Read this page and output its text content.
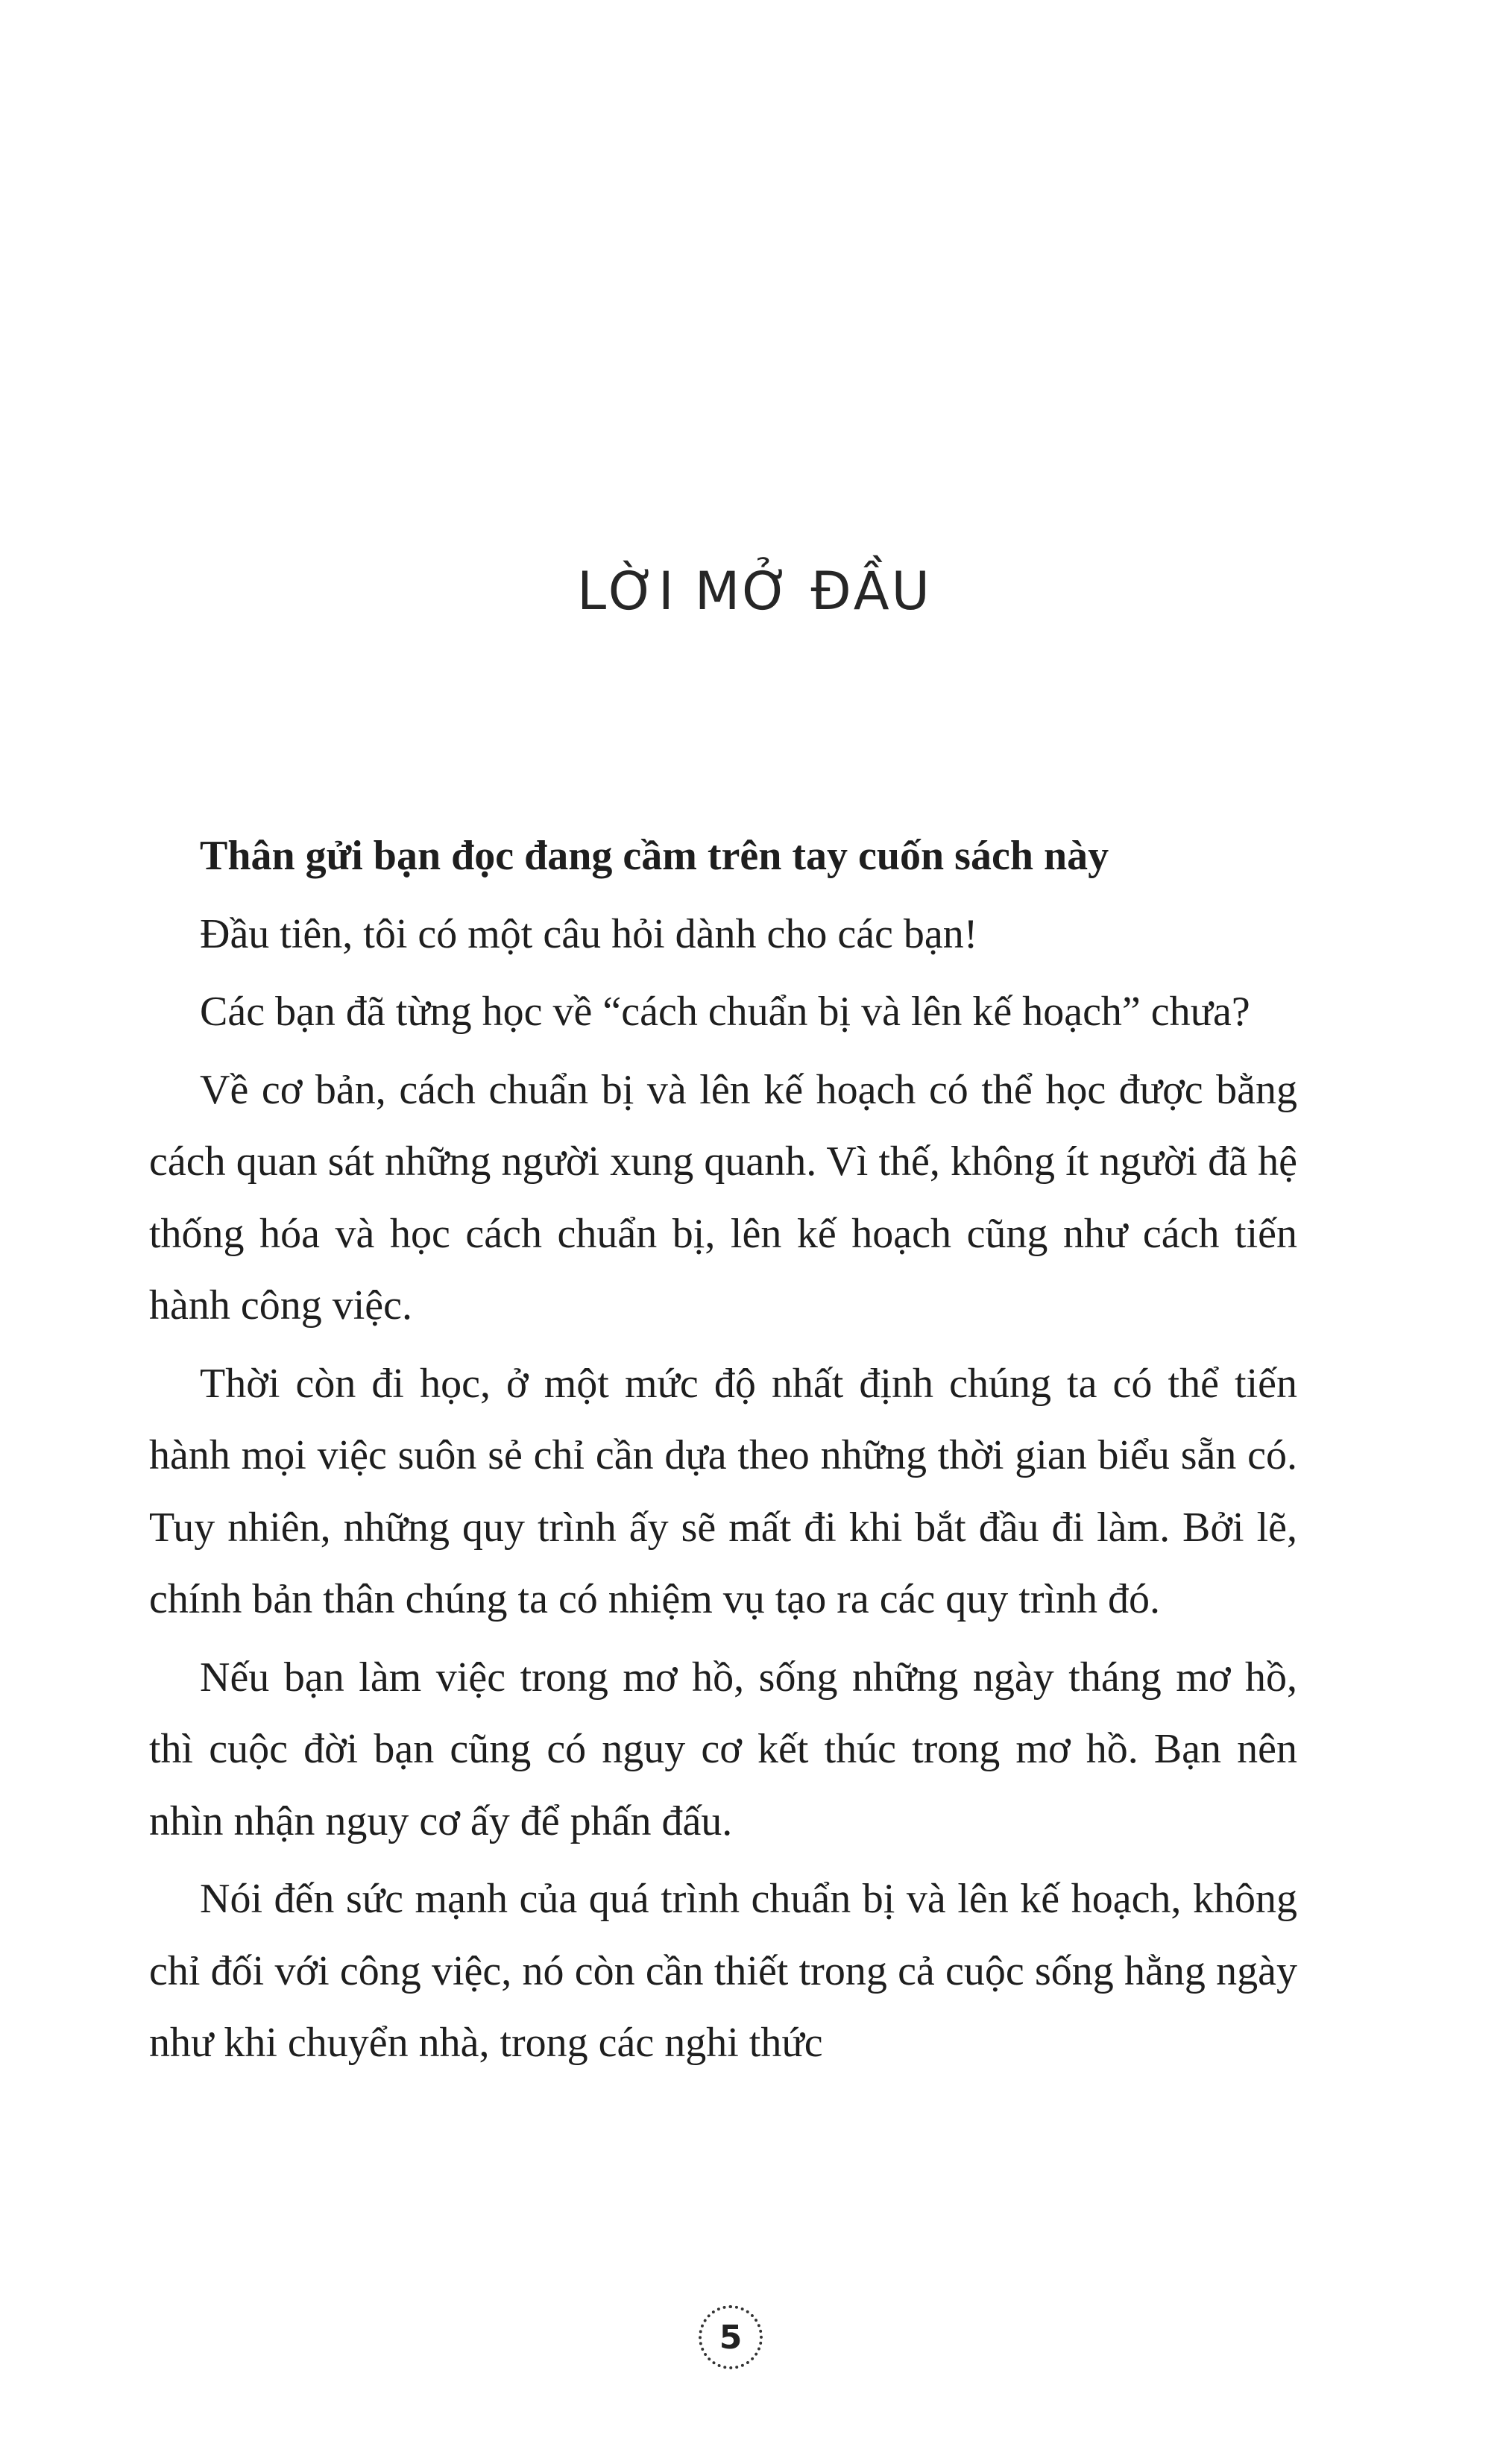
LỜI MỞ ĐẦU

Thân gửi bạn đọc đang cầm trên tay cuốn sách này

Đầu tiên, tôi có một câu hỏi dành cho các bạn!

Các bạn đã từng học về “cách chuẩn bị và lên kế hoạch” chưa?

Về cơ bản, cách chuẩn bị và lên kế hoạch có thể học được bằng cách quan sát những người xung quanh. Vì thế, không ít người đã hệ thống hóa và học cách chuẩn bị, lên kế hoạch cũng như cách tiến hành công việc.

Thời còn đi học, ở một mức độ nhất định chúng ta có thể tiến hành mọi việc suôn sẻ chỉ cần dựa theo những thời gian biểu sẵn có. Tuy nhiên, những quy trình ấy sẽ mất đi khi bắt đầu đi làm. Bởi lẽ, chính bản thân chúng ta có nhiệm vụ tạo ra các quy trình đó.

Nếu bạn làm việc trong mơ hồ, sống những ngày tháng mơ hồ, thì cuộc đời bạn cũng có nguy cơ kết thúc trong mơ hồ. Bạn nên nhìn nhận nguy cơ ấy để phấn đấu.

Nói đến sức mạnh của quá trình chuẩn bị và lên kế hoạch, không chỉ đối với công việc, nó còn cần thiết trong cả cuộc sống hằng ngày như khi chuyển nhà, trong các nghi thức

5
